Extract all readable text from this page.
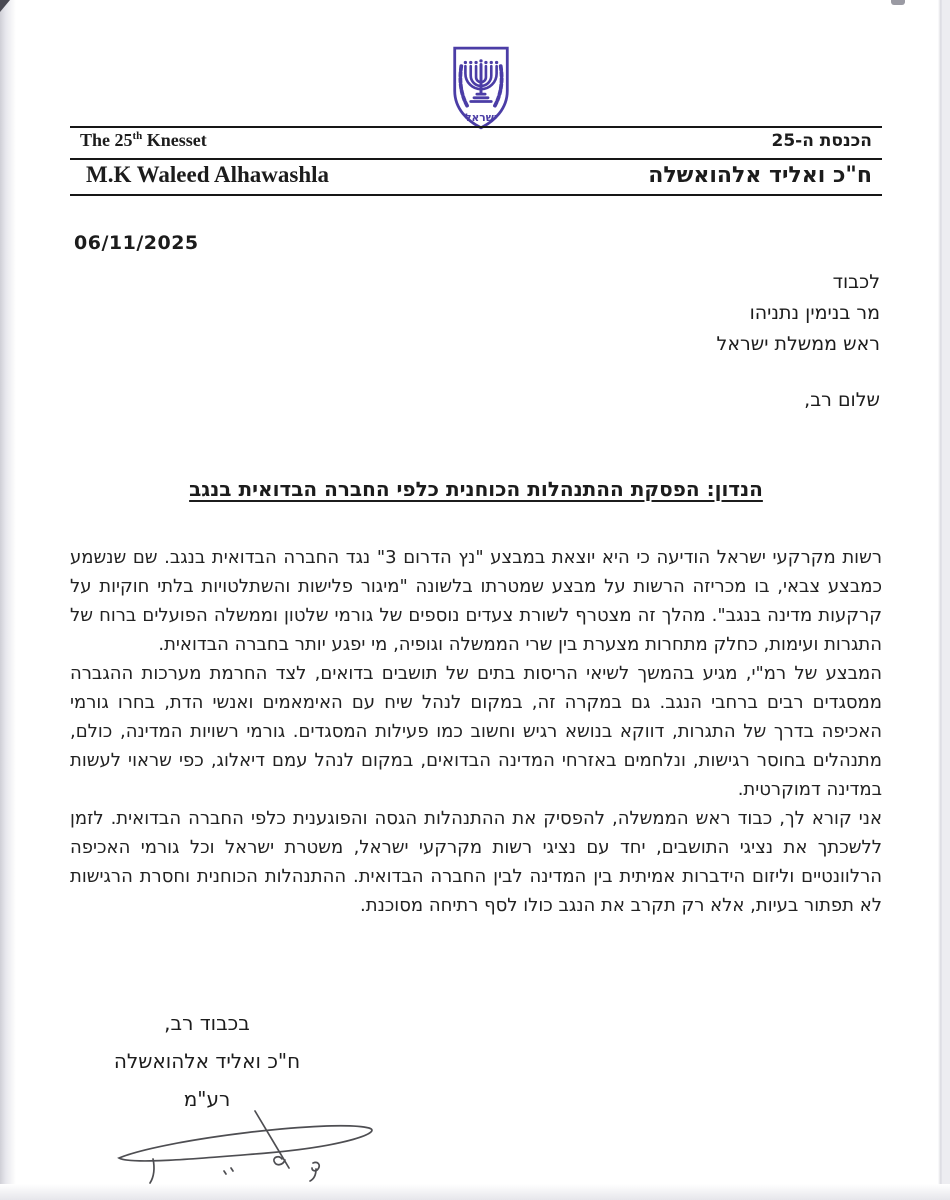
ישראל
The 25th Knesset	הכנסת ה-25
M.K Waleed Alhawashla	ח"כ ואליד אלהואשלה
06/11/2025
לכבוד
מר בנימין נתניהו
ראש ממשלת ישראל
שלום רב,
הנדון: הפסקת ההתנהלות הכוחנית כלפי החברה הבדואית בנגב

רשות מקרקעי ישראל הודיעה כי היא יוצאת במבצע "נץ הדרום 3" נגד החברה הבדואית בנגב. שם שנשמע כמבצע צבאי, בו מכריזה הרשות על מבצע שמטרתו בלשונה "מיגור פלישות והשתלטויות בלתי חוקיות על קרקעות מדינה בנגב". מהלך זה מצטרף לשורת צעדים נוספים של גורמי שלטון וממשלה הפועלים ברוח של התגרות ועימות, כחלק מתחרות מצערת בין שרי הממשלה וגופיה, מי יפגע יותר בחברה הבדואית.

המבצע של רמ"י, מגיע בהמשך לשיאי הריסות בתים של תושבים בדואים, לצד החרמת מערכות ההגברה ממסגדים רבים ברחבי הנגב. גם במקרה זה, במקום לנהל שיח עם האימאמים ואנשי הדת, בחרו גורמי האכיפה בדרך של התגרות, דווקא בנושא רגיש וחשוב כמו פעילות המסגדים. גורמי רשויות המדינה, כולם, מתנהלים בחוסר רגישות, ונלחמים באזרחי המדינה הבדואים, במקום לנהל עמם דיאלוג, כפי שראוי לעשות במדינה דמוקרטית.

אני קורא לך, כבוד ראש הממשלה, להפסיק את ההתנהלות הגסה והפוגענית כלפי החברה הבדואית. לזמן ללשכתך את נציגי התושבים, יחד עם נציגי רשות מקרקעי ישראל, משטרת ישראל וכל גורמי האכיפה הרלוונטיים וליזום הידברות אמיתית בין המדינה לבין החברה הבדואית. ההתנהלות הכוחנית וחסרת הרגישות לא תפתור בעיות, אלא רק תקרב את הנגב כולו לסף רתיחה מסוכנת.

בכבוד רב,
ח"כ ואליד אלהואשלה
רע"מ
